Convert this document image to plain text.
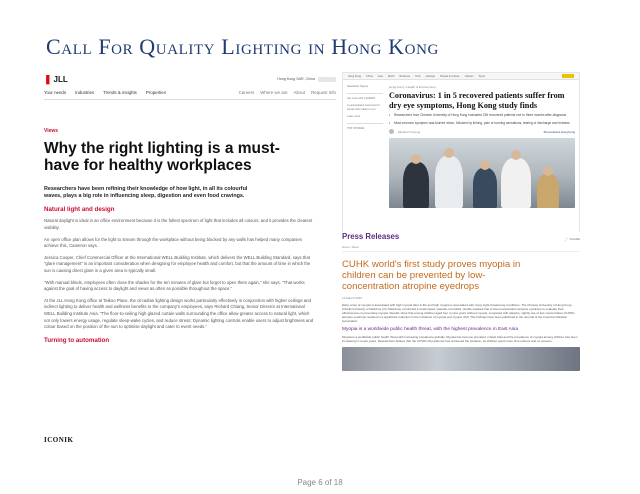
Call For Quality Lighting in Hong Kong
❚ JLL	Hong Kong SAR, China
Your needs Industries Trends & insights Properties	Careers Where we are About Request Info
Views
Why the right lighting is a must-have for healthy workplaces
Researchers have been refining their knowledge of how light, in all its colourful waves, plays a big role in influencing sleep, digestion and even food cravings.
Natural light and design

Natural daylight is ideal in an office environment because it is the fullest spectrum of light that includes all colours, and it provides the clearest visibility.

An open office plan allows for the light to stream through the workplace without being blocked by any walls has helped many companies achieve this, Cameron says.

Jessica Cooper, Chief Commercial Officer at the International WELL Building Institute, which delivers the WELL Building Standard, says that "glare management" is an important consideration when designing for employee health and comfort, but that the amount of time in which the sun is causing direct glare in a given area is typically small.

"With manual blinds, employees often close the shades for the ten minutes of glare but forget to open them again," she says. "That works against the goal of having access to daylight and views as often as possible throughout the space."

At the JLL Hong Kong office at Taikoo Place, the circadian lighting design works particularly effectively in conjunction with higher ceilings and indirect lighting to deliver health and wellness benefits to the company's employees, says Richard Chiang, Senior Director at International WELL Building Institute Asia. "The floor-to-ceiling high glazed curtain walls surrounding the office allow greater access to natural light, which not only lowers energy usage, regulate sleep-wake cycles, and reduce stress; Dynamic lighting controls enable users to adjust brightness and colour based on the position of the sun to optimise daylight and cater to event needs."

Turning to automation
ICONIK
Hong Kong China Asia World Business Tech Lifestyle People & Culture Opinion Sport
Newsletter Signup
Get more with myNEWS
A personalised news feed of stories that matter to you
Learn more
TOP STORIES
Hong Kong / Health & Environment
Coronavirus: 1 in 5 recovered patients suffer from dry eye symptoms, Hong Kong study finds
• Researchers from Chinese University of Hong Kong evaluated 228 recovered patients one to three months after diagnosis
• Most common symptom was blurred vision, followed by itching, pain or burning sensations, tearing or discharge and redness
Elizabeth Cheung	#Coronavirus Hong Kong
Press Releases	⤴ SHARE
Home / News
CUHK world's first study proves myopia in children can be prevented by low-concentration atropine eyedrops
12 March 2022

Early onset of myopia is associated with high myopia later in life and high myopia is associated with many sight-threatening conditions. The Chinese University of Hong Kong (CUHK)'s Faculty of Medicine (CU Medicine) conducted a randomised, placebo-controlled, double-masked trial of low-concentration atropine eyedrops to evaluate their effectiveness in preventing myopia. Results show that among children aged four to nine years without myopia, compared with placebo, nightly use of low-concentration (0.05%) atropine eyedrops resulted in a significant reduction in the incidence of myopia and myopic shift. The findings have been published in the Journal of the American Medical Association.

Myopia is a worldwide public health threat, with the highest prevalence in East Asia

Myopia is a worldwide public health threat with increasing prevalence globally. Myopia has become prevalent in East Asia and the prevalence of myopia among children has been increasing in recent years. Researchers believe that the COVID-19 pandemic has worsened the situation, as children spent more time indoors and on screens.

Page 6 of 18
